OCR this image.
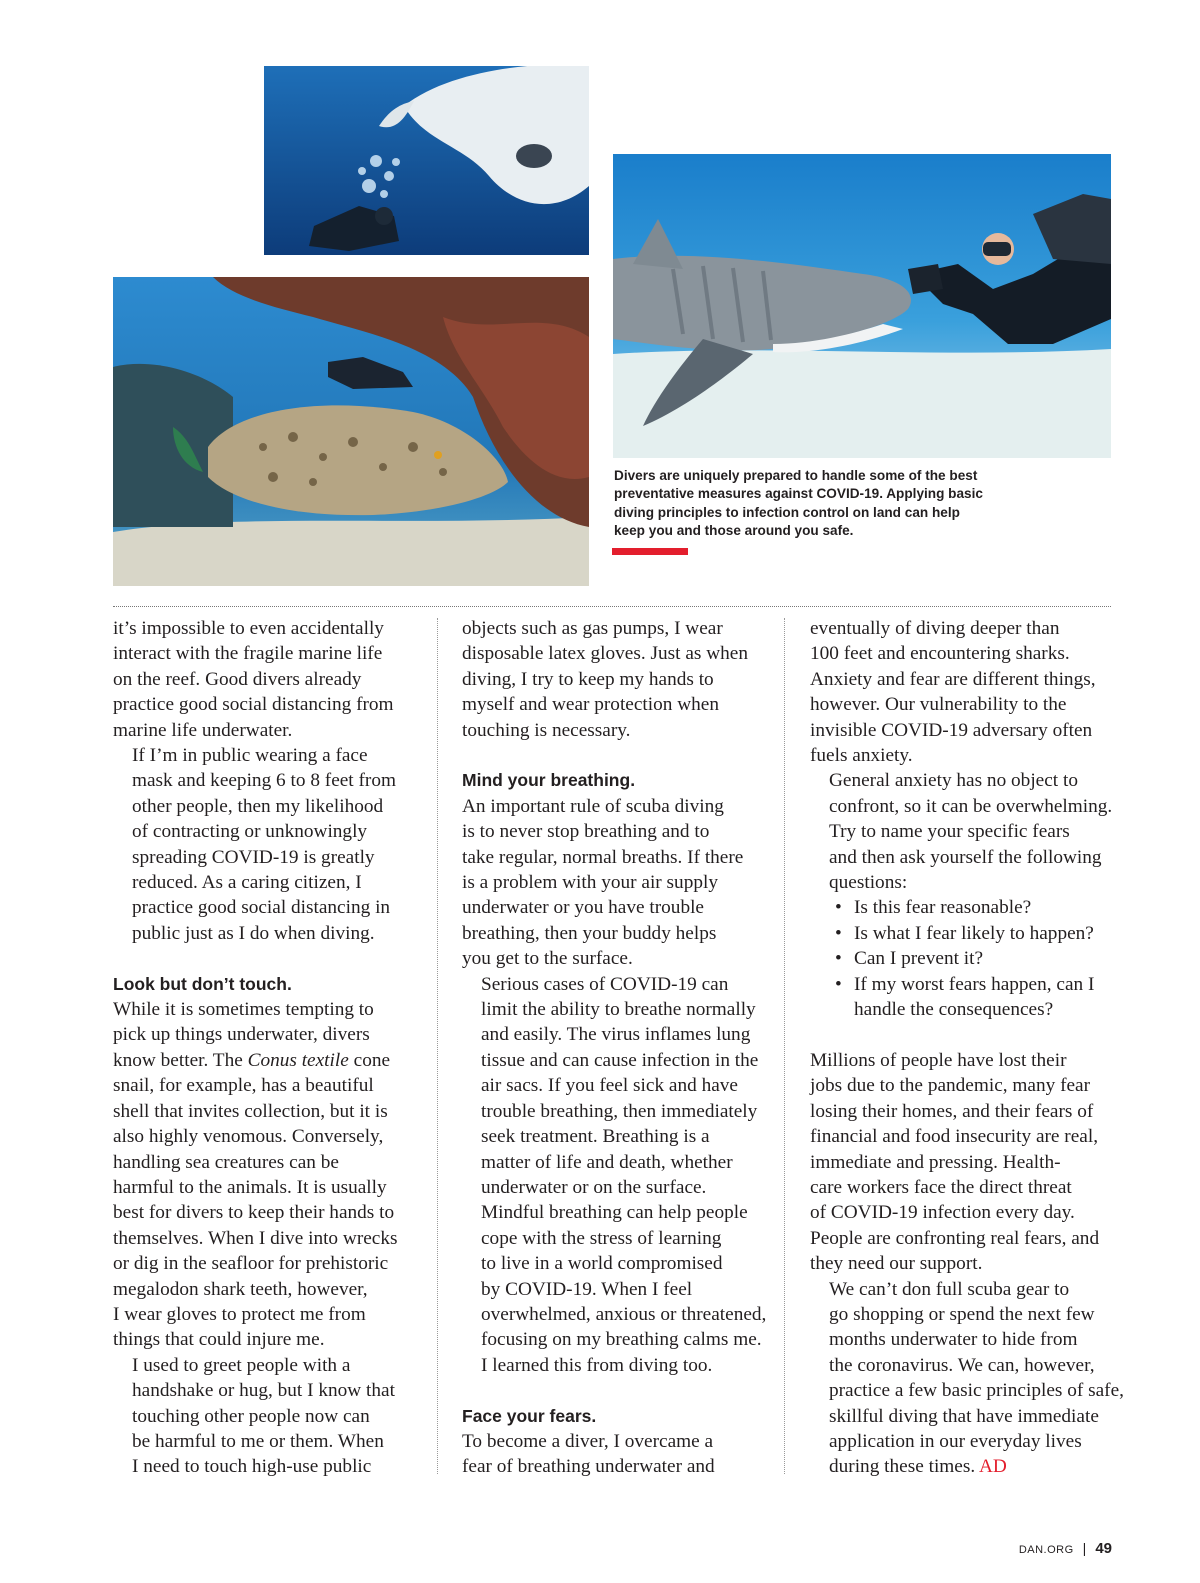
Divers are uniquely prepared to handle some of the best
preventative measures against COVID-19. Applying basic
diving principles to infection control on land can help
keep you and those around you safe.

it’s impossible to even accidentally
interact with the fragile marine life
on the reef. Good divers already
practice good social distancing from
marine life underwater.

If I’m in public wearing a face
mask and keeping 6 to 8 feet from
other people, then my likelihood
of contracting or unknowingly
spreading COVID-19 is greatly
reduced. As a caring citizen, I
practice good social distancing in
public just as I do when diving.

Look but don’t touch.

While it is sometimes tempting to
pick up things underwater, divers
know better. The Conus textile cone
snail, for example, has a beautiful
shell that invites collection, but it is
also highly venomous. Conversely,
handling sea creatures can be
harmful to the animals. It is usually
best for divers to keep their hands to
themselves. When I dive into wrecks
or dig in the seafloor for prehistoric
megalodon shark teeth, however,
I wear gloves to protect me from
things that could injure me.

I used to greet people with a
handshake or hug, but I know that
touching other people now can
be harmful to me or them. When
I need to touch high-use public

objects such as gas pumps, I wear
disposable latex gloves. Just as when
diving, I try to keep my hands to
myself and wear protection when
touching is necessary.

Mind your breathing.

An important rule of scuba diving
is to never stop breathing and to
take regular, normal breaths. If there
is a problem with your air supply
underwater or you have trouble
breathing, then your buddy helps
you get to the surface.

Serious cases of COVID-19 can
limit the ability to breathe normally
and easily. The virus inflames lung
tissue and can cause infection in the
air sacs. If you feel sick and have
trouble breathing, then immediately
seek treatment. Breathing is a
matter of life and death, whether
underwater or on the surface.

Mindful breathing can help people
cope with the stress of learning
to live in a world compromised
by COVID-19. When I feel
overwhelmed, anxious or threatened,
focusing on my breathing calms me.
I learned this from diving too.

Face your fears.

To become a diver, I overcame a
fear of breathing underwater and

eventually of diving deeper than
100 feet and encountering sharks.
Anxiety and fear are different things,
however. Our vulnerability to the
invisible COVID-19 adversary often
fuels anxiety.

General anxiety has no object to
confront, so it can be overwhelming.
Try to name your specific fears
and then ask yourself the following
questions:

• Is this fear reasonable?
• Is what I fear likely to happen?
• Can I prevent it?
• If my worst fears happen, can I
handle the consequences?

Millions of people have lost their
jobs due to the pandemic, many fear
losing their homes, and their fears of
financial and food insecurity are real,
immediate and pressing. Health-
care workers face the direct threat
of COVID-19 infection every day.
People are confronting real fears, and
they need our support.

We can’t don full scuba gear to
go shopping or spend the next few
months underwater to hide from
the coronavirus. We can, however,
practice a few basic principles of safe,
skillful diving that have immediate
application in our everyday lives
during these times. AD

DAN.ORG | 49
